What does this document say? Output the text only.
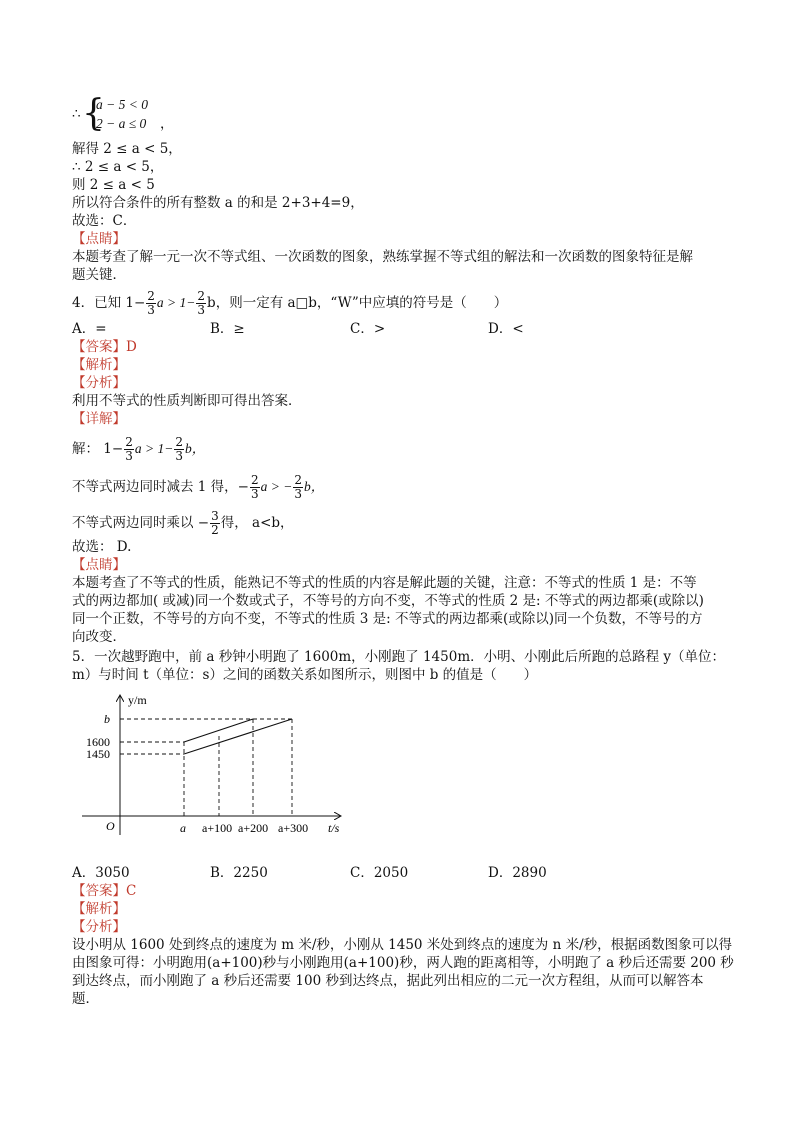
∴ {
a − 5 < 0
2 − a ≤ 0 ，
解得 2 ≤ a < 5，
∴ 2 ≤ a < 5，
则 2 ≤ a < 5
所以符合条件的所有整数 a 的和是 2+3+4=9，
故选：C．
【点睛】
本题考查了解一元一次不等式组、一次函数的图象，熟练掌握不等式组的解法和一次函数的图象特征是解
题关键．
4．已知 $1- \frac{2}{3}$ $a > 1- \frac{2}{3}$ b，则一定有 a□b，“W”中应填的符号是（　　）
A．=	B．≥	C．>	D．<
【答案】D
【解析】
【分析】
利用不等式的性质判断即可得出答案．
【详解】
解： $1- \frac{2}{3}$ $a > 1- \frac{2}{3}$ b，
不等式两边同时减去 1 得，− $\frac{2}{3}$ a > − $\frac{2}{3}$ b，
不等式两边同时乘以 − $\frac{3}{2}$ 得， a<b，
故选： D.
【点睛】
本题考查了不等式的性质，能熟记不等式的性质的内容是解此题的关键，注意：不等式的性质 1 是：不等
式的两边都加( 或减)同一个数或式子，不等号的方向不变，不等式的性质 2 是: 不等式的两边都乘(或除以)
同一个正数，不等号的方向不变，不等式的性质 3 是: 不等式的两边都乘(或除以)同一个负数，不等号的方
向改变．
5．一次越野跑中，前 a 秒钟小明跑了 1600m，小刚跑了 1450m．小明、小刚此后所跑的总路程 y（单位：
m）与时间 t（单位：s）之间的函数关系如图所示，则图中 b 的值是（　　）
y/m
t/s
O
b
1600
1450
a a+100 a+200 a+300
A．3050	B．2250	C．2050	D．2890
【答案】C
【解析】
【分析】
设小明从 1600 处到终点的速度为 m 米/秒，小刚从 1450 米处到终点的速度为 n 米/秒，根据函数图象可以得
由图象可得：小明跑用(a+100)秒与小刚跑用(a+100)秒，两人跑的距离相等，小明跑了 a 秒后还需要 200 秒
到达终点，而小刚跑了 a 秒后还需要 100 秒到达终点，据此列出相应的二元一次方程组，从而可以解答本
题．
